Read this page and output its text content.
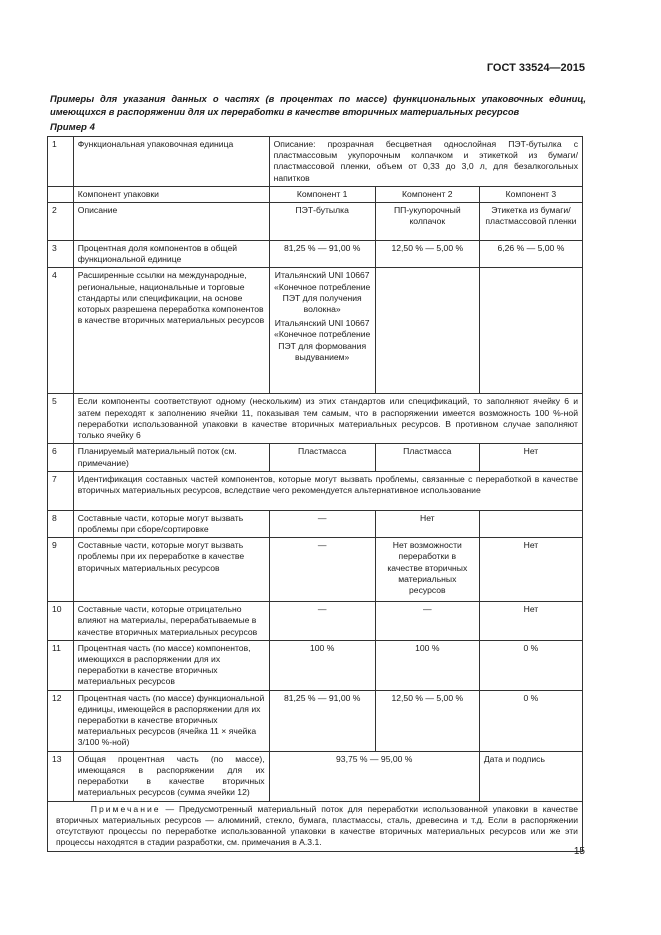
ГОСТ 33524—2015
Примеры для указания данных о частях (в процентах по массе) функциональных упаковочных единиц, имеющихся в распоряжении для их переработки в качестве вторичных материальных ресурсов
Пример 4
1	Функциональная упаковочная единица	Описание: прозрачная бесцветная однослойная ПЭТ-бутылка с пластмассовым укупорочным колпачком и этикеткой из бумаги/пластмассовой пленки, объем от 0,33 до 3,0 л, для безалкогольных напитков		
	Компонент упаковки	Компонент 1	Компонент 2	Компонент 3
2	Описание	ПЭТ-бутылка	ПП-укупорочный колпачок	Этикетка из бумаги/пластмассовой пленки
3	Процентная доля компонентов в общей функциональной единице	81,25 % — 91,00 %	12,50 % — 5,00 %	6,26 % — 5,00 %
4	Расширенные ссылки на международные, региональные, национальные и торговые стандарты или спецификации, на основе которых разрешена переработка компонентов в качестве вторичных материальных ресурсов	Итальянский UNI 10667 «Конечное потребление ПЭТ для получения волокна»
Итальянский UNI 10667 «Конечное потребление ПЭТ для формования выдуванием»		

5	Если компоненты соответствуют одному (нескольким) из этих стандартов или спецификаций, то заполняют ячейку 6 и затем переходят к заполнению ячейки 11, показывая тем самым, что в распоряжении имеется возможность 100 %-ной переработки использованной упаковки в качестве вторичных материальных ресурсов. В противном случае заполняют только ячейку 6			
6	Планируемый материальный поток (см. примечание)	Пластмасса	Пластмасса	Нет
7	Идентификация составных частей компонентов, которые могут вызвать проблемы, связанные с переработкой в качестве вторичных материальных ресурсов, вследствие чего рекомендуется альтернативное использование			
8	Составные части, которые могут вызвать проблемы при сборе/сортировке	—	Нет	
9	Составные части, которые могут вызвать проблемы при их переработке в качестве вторичных материальных ресурсов	—	Нет возможности переработки в качестве вторичных материальных ресурсов	Нет
10	Составные части, которые отрицательно влияют на материалы, перерабатываемые в качестве вторичных материальных ресурсов	—	—	Нет
11	Процентная часть (по массе) компонентов, имеющихся в распоряжении для их переработки в качестве вторичных материальных ресурсов	100 %	100 %	0 %
12	Процентная часть (по массе) функциональной единицы, имеющейся в распоряжении для их переработки в качестве вторичных материальных ресурсов (ячейка 11 × ячейка 3/100 %-ной)	81,25 % — 91,00 %	12,50 % — 5,00 %	0 %
13	Общая процентная часть (по массе), имеющаяся в распоряжении для их переработки в качестве вторичных материальных ресурсов (сумма ячейки 12)	93,75 % — 95,00 %		Дата и подпись
Примечание — Предусмотренный материальный поток для переработки использованной упаковки в качестве вторичных материальных ресурсов — алюминий, стекло, бумага, пластмассы, сталь, древесина и т.д. Если в распоряжении отсутствуют процессы по переработке использованной упаковки в качестве вторичных материальных ресурсов или же эти процессы находятся в стадии разработки, см. примечания в А.3.1.				
15
